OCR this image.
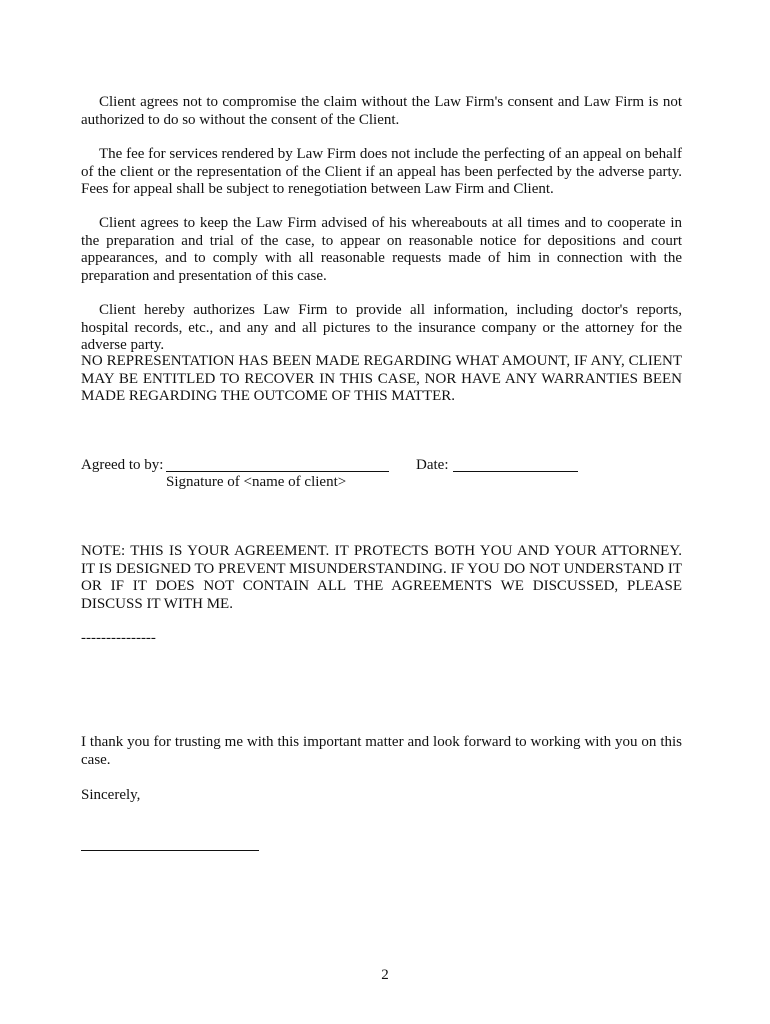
Client agrees not to compromise the claim without the Law Firm's consent and Law Firm is not authorized to do so without the consent of the Client.

The fee for services rendered by Law Firm does not include the perfecting of an appeal on behalf of the client or the representation of the Client if an appeal has been perfected by the adverse party. Fees for appeal shall be subject to renegotiation between Law Firm and Client.

Client agrees to keep the Law Firm advised of his whereabouts at all times and to cooperate in the preparation and trial of the case, to appear on reasonable notice for depositions and court appearances, and to comply with all reasonable requests made of him in connection with the preparation and presentation of this case.

Client hereby authorizes Law Firm to provide all information, including doctor's reports, hospital records, etc., and any and all pictures to the insurance company or the attorney for the adverse party.

NO REPRESENTATION HAS BEEN MADE REGARDING WHAT AMOUNT, IF ANY, CLIENT MAY BE ENTITLED TO RECOVER IN THIS CASE, NOR HAVE ANY WARRANTIES BEEN MADE REGARDING THE OUTCOME OF THIS MATTER.

Agreed to by:	Date:
Signature of <name of client>

NOTE: THIS IS YOUR AGREEMENT. IT PROTECTS BOTH YOU AND YOUR ATTORNEY. IT IS DESIGNED TO PREVENT MISUNDERSTANDING. IF YOU DO NOT UNDERSTAND IT OR IF IT DOES NOT CONTAIN ALL THE AGREEMENTS WE DISCUSSED, PLEASE DISCUSS IT WITH ME.

---------------

I thank you for trusting me with this important matter and look forward to working with you on this case.

Sincerely,

2
